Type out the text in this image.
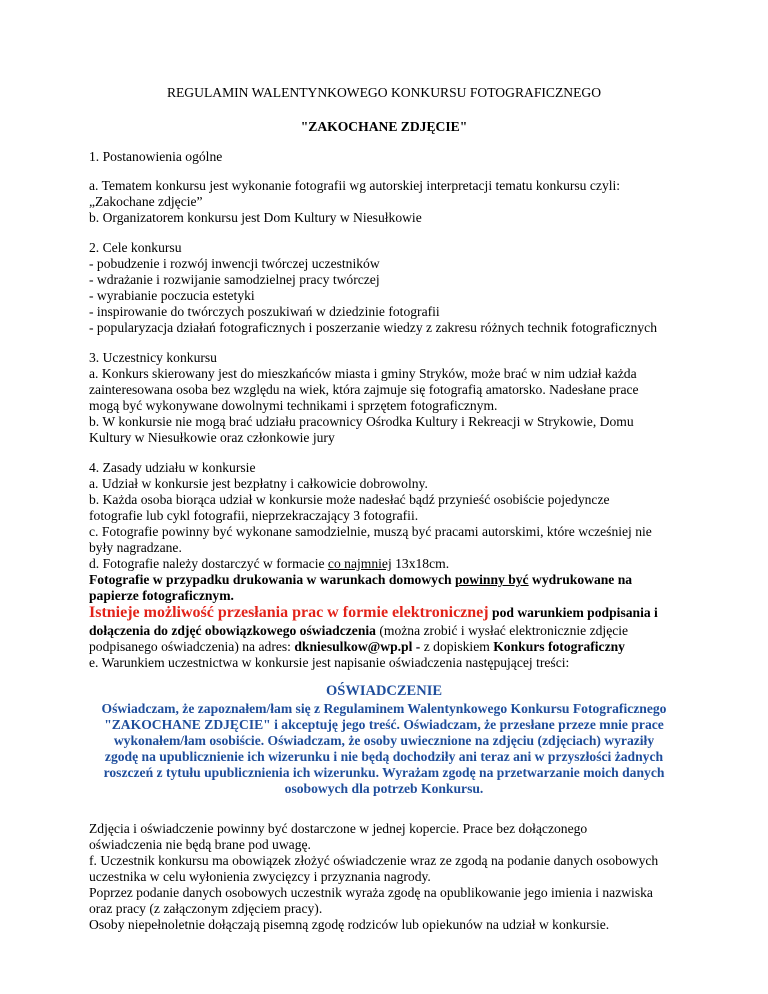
REGULAMIN WALENTYNKOWEGO KONKURSU FOTOGRAFICZNEGO

"ZAKOCHANE ZDJĘCIE"

1. Postanowienia ogólne

a. Tematem konkursu jest wykonanie fotografii wg autorskiej interpretacji tematu konkursu czyli:

„Zakochane zdjęcie”

b. Organizatorem konkursu jest Dom Kultury w Niesułkowie

2. Cele konkursu

- pobudzenie i rozwój inwencji twórczej uczestników

- wdrażanie i rozwijanie samodzielnej pracy twórczej

- wyrabianie poczucia estetyki

- inspirowanie do twórczych poszukiwań w dziedzinie fotografii

- popularyzacja działań fotograficznych i poszerzanie wiedzy z zakresu różnych technik fotograficznych

3. Uczestnicy konkursu

a. Konkurs skierowany jest do mieszkańców miasta i gminy Stryków, może brać w nim udział każda

zainteresowana osoba bez względu na wiek, która zajmuje się fotografią amatorsko. Nadesłane prace

mogą być wykonywane dowolnymi technikami i sprzętem fotograficznym.

b. W konkursie nie mogą brać udziału pracownicy Ośrodka Kultury i Rekreacji w Strykowie, Domu

Kultury w Niesułkowie oraz członkowie jury

4. Zasady udziału w konkursie

a. Udział w konkursie jest bezpłatny i całkowicie dobrowolny.

b. Każda osoba biorąca udział w konkursie może nadesłać bądź przynieść osobiście pojedyncze

fotografie lub cykl fotografii, nieprzekraczający 3 fotografii.

c. Fotografie powinny być wykonane samodzielnie, muszą być pracami autorskimi, które wcześniej nie

były nagradzane.

d. Fotografie należy dostarczyć w formacie co najmniej 13x18cm.

Fotografie w przypadku drukowania w warunkach domowych powinny być wydrukowane na

papierze fotograficznym.

Istnieje możliwość przesłania prac w formie elektronicznej pod warunkiem podpisania i

dołączenia do zdjęć obowiązkowego oświadczenia (można zrobić i wysłać elektronicznie zdjęcie

podpisanego oświadczenia) na adres: dkniesulkow@wp.pl - z dopiskiem Konkurs fotograficzny

e. Warunkiem uczestnictwa w konkursie jest napisanie oświadczenia następującej treści:

OŚWIADCZENIE

Oświadczam, że zapoznałem/łam się z Regulaminem Walentynkowego Konkursu Fotograficznego

"ZAKOCHANE ZDJĘCIE" i akceptuję jego treść. Oświadczam, że przesłane przeze mnie prace

wykonałem/łam osobiście. Oświadczam, że osoby uwiecznione na zdjęciu (zdjęciach) wyraziły

zgodę na upublicznienie ich wizerunku i nie będą dochodziły ani teraz ani w przyszłości żadnych

roszczeń z tytułu upublicznienia ich wizerunku. Wyrażam zgodę na przetwarzanie moich danych

osobowych dla potrzeb Konkursu.

Zdjęcia i oświadczenie powinny być dostarczone w jednej kopercie. Prace bez dołączonego

oświadczenia nie będą brane pod uwagę.

f. Uczestnik konkursu ma obowiązek złożyć oświadczenie wraz ze zgodą na podanie danych osobowych

uczestnika w celu wyłonienia zwycięzcy i przyznania nagrody.

Poprzez podanie danych osobowych uczestnik wyraża zgodę na opublikowanie jego imienia i nazwiska

oraz pracy (z załączonym zdjęciem pracy).

Osoby niepełnoletnie dołączają pisemną zgodę rodziców lub opiekunów na udział w konkursie.
